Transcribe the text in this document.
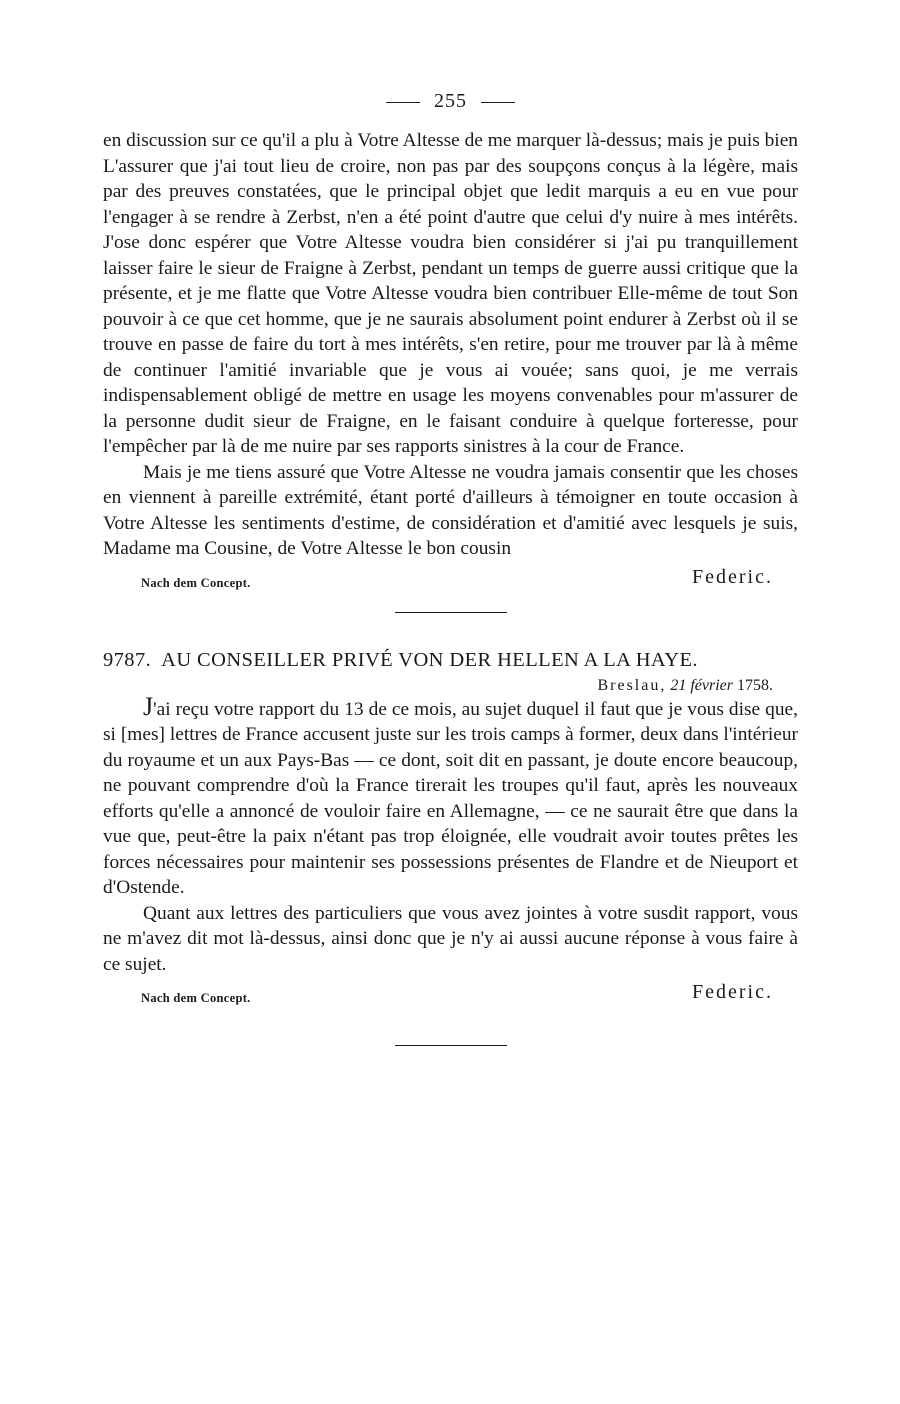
255

en discussion sur ce qu'il a plu à Votre Altesse de me marquer là-dessus; mais je puis bien L'assurer que j'ai tout lieu de croire, non pas par des soupçons conçus à la légère, mais par des preuves constatées, que le principal objet que ledit marquis a eu en vue pour l'engager à se rendre à Zerbst, n'en a été point d'autre que celui d'y nuire à mes intérêts. J'ose donc espérer que Votre Altesse voudra bien considérer si j'ai pu tranquillement laisser faire le sieur de Fraigne à Zerbst, pendant un temps de guerre aussi critique que la présente, et je me flatte que Votre Altesse voudra bien contribuer Elle-même de tout Son pouvoir à ce que cet homme, que je ne saurais absolument point endurer à Zerbst où il se trouve en passe de faire du tort à mes intérêts, s'en retire, pour me trouver par là à même de continuer l'amitié invariable que je vous ai vouée; sans quoi, je me verrais indispensablement obligé de mettre en usage les moyens convenables pour m'assurer de la personne dudit sieur de Fraigne, en le faisant conduire à quelque forteresse, pour l'empêcher par là de me nuire par ses rapports sinistres à la cour de France.

Mais je me tiens assuré que Votre Altesse ne voudra jamais consentir que les choses en viennent à pareille extrémité, étant porté d'ailleurs à témoigner en toute occasion à Votre Altesse les sentiments d'estime, de considération et d'amitié avec lesquels je suis, Madame ma Cousine, de Votre Altesse le bon cousin

Nach dem Concept.	Federic.
9787. AU CONSEILLER PRIVÉ VON DER HELLEN A LA HAYE.
Breslau, 21 février 1758.

J'ai reçu votre rapport du 13 de ce mois, au sujet duquel il faut que je vous dise que, si [mes] lettres de France accusent juste sur les trois camps à former, deux dans l'intérieur du royaume et un aux Pays-Bas — ce dont, soit dit en passant, je doute encore beaucoup, ne pouvant comprendre d'où la France tirerait les troupes qu'il faut, après les nouveaux efforts qu'elle a annoncé de vouloir faire en Allemagne, — ce ne saurait être que dans la vue que, peut-être la paix n'étant pas trop éloignée, elle voudrait avoir toutes prêtes les forces nécessaires pour maintenir ses possessions présentes de Flandre et de Nieuport et d'Ostende.

Quant aux lettres des particuliers que vous avez jointes à votre susdit rapport, vous ne m'avez dit mot là-dessus, ainsi donc que je n'y ai aussi aucune réponse à vous faire à ce sujet.

Nach dem Concept.	Federic.
